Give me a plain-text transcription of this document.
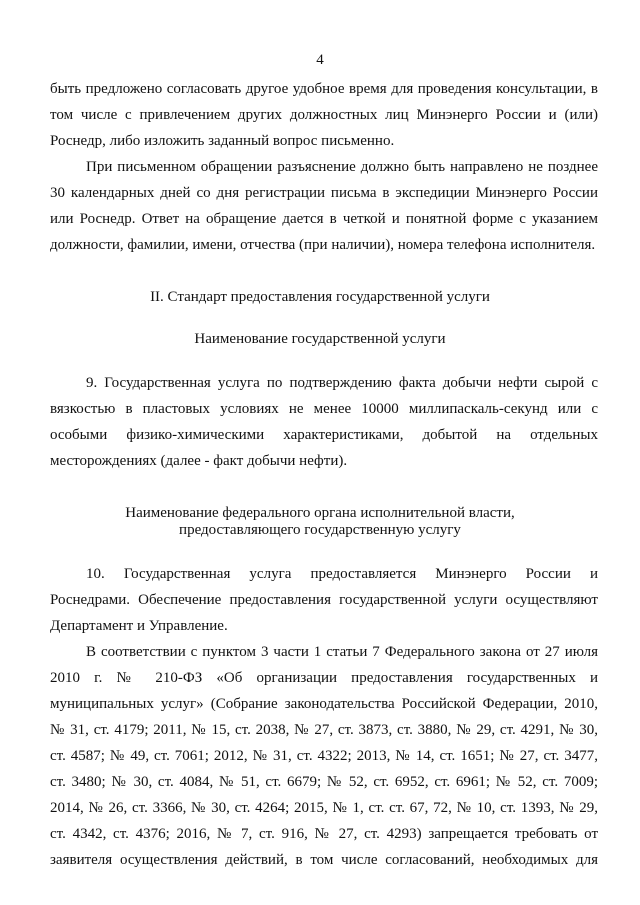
4
быть предложено согласовать другое удобное время для проведения консультации, в
том числе с привлечением других должностных лиц Минэнерго России и (или)
Роснедр, либо изложить заданный вопрос письменно.
При письменном обращении разъяснение должно быть направлено не позднее
30 календарных дней со дня регистрации письма в экспедиции Минэнерго России
или Роснедр. Ответ на обращение дается в четкой и понятной форме с указанием
должности, фамилии, имени, отчества (при наличии), номера телефона исполнителя.
II. Стандарт предоставления государственной услуги
Наименование государственной услуги
9. Государственная услуга по подтверждению факта добычи нефти сырой с
вязкостью в пластовых условиях не менее 10000 миллипаскаль-секунд или с
особыми физико-химическими характеристиками, добытой на отдельных
месторождениях (далее - факт добычи нефти).
Наименование федерального органа исполнительной власти,
предоставляющего государственную услугу
10. Государственная услуга предоставляется Минэнерго России и
Роснедрами. Обеспечение предоставления государственной услуги осуществляют
Департамент и Управление.
В соответствии с пунктом 3 части 1 статьи 7 Федерального закона от 27 июля
2010 г. № 210-ФЗ «Об организации предоставления государственных и
муниципальных услуг» (Собрание законодательства Российской Федерации, 2010,
№ 31, ст. 4179; 2011, № 15, ст. 2038, № 27, ст. 3873, ст. 3880, № 29, ст. 4291, № 30,
ст. 4587; № 49, ст. 7061; 2012, № 31, ст. 4322; 2013, № 14, ст. 1651; № 27, ст. 3477,
ст. 3480; № 30, ст. 4084, № 51, ст. 6679; № 52, ст. 6952, ст. 6961; № 52, ст. 7009;
2014, № 26, ст. 3366, № 30, ст. 4264; 2015, № 1, ст. ст. 67, 72, № 10, ст. 1393, № 29,
ст. 4342, ст. 4376; 2016, № 7, ст. 916, № 27, ст. 4293) запрещается требовать от
заявителя осуществления действий, в том числе согласований, необходимых для
